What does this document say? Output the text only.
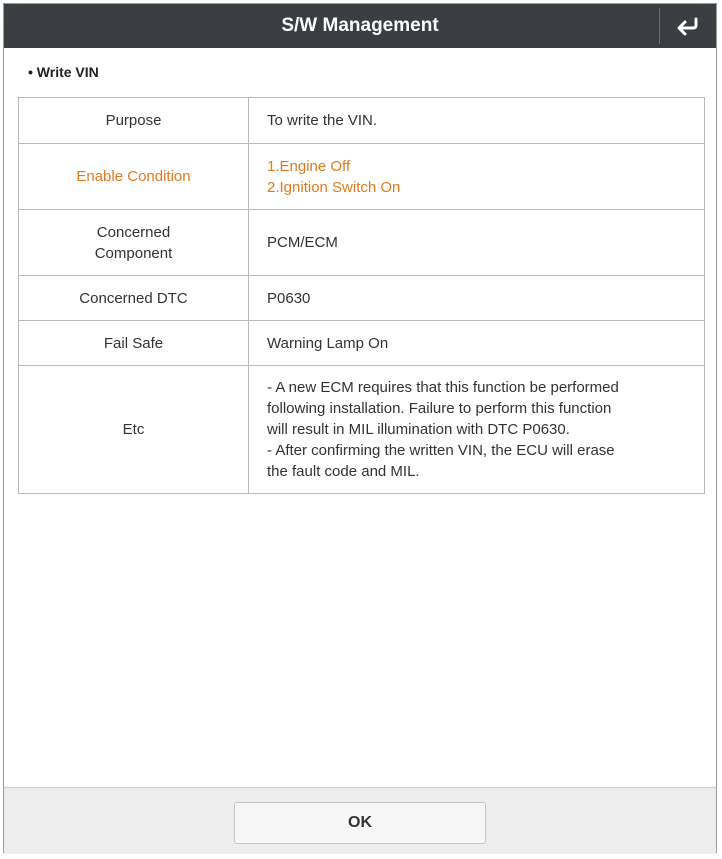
S/W Management
• Write VIN
Purpose	To write the VIN.

Enable Condition	1.Engine Off
2.Ignition Switch On

Concerned
Component	PCM/ECM

Concerned DTC	P0630

Fail Safe	Warning Lamp On

Etc	- A new ECM requires that this function be performed
following installation. Failure to perform this function
will result in MIL illumination with DTC P0630.
- After confirming the written VIN, the ECU will erase
the fault code and MIL.
OK
